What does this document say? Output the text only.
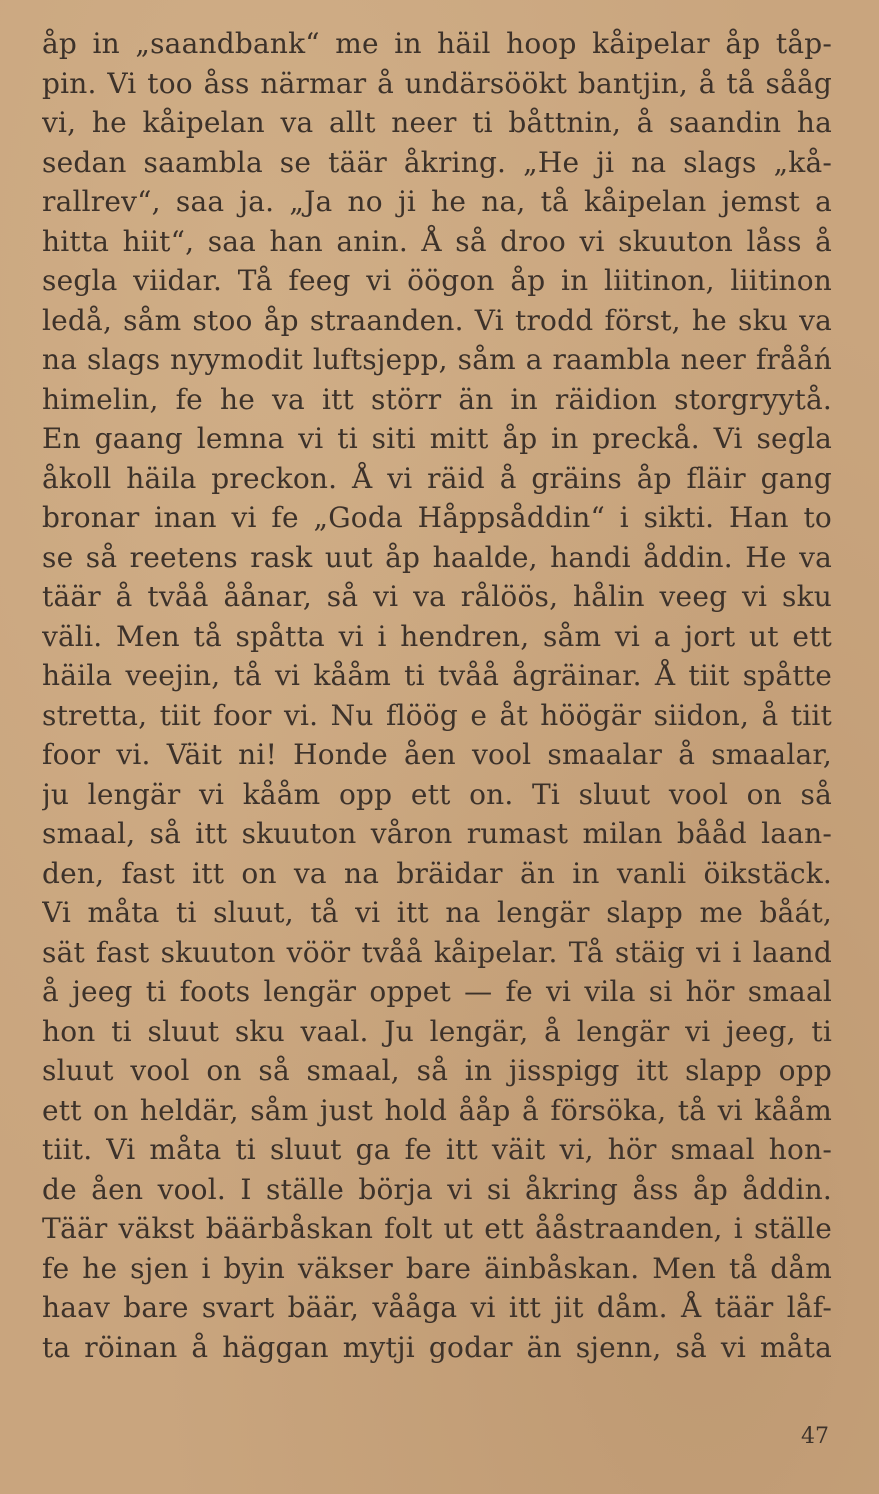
åp in „saandbank“ me in häil hoop kåipelar åp tåp-
pin. Vi too åss närmar å undärsöökt bantjin, å tå sååg
vi, he kåipelan va allt neer ti båttnin, å saandin ha
sedan saambla se täär åkring. „He ji na slags „kå-
rallrev“, saa ja. „Ja no ji he na, tå kåipelan jemst a
hitta hiit“, saa han anin. Å så droo vi skuuton låss å
segla viidar. Tå feeg vi öögon åp in liitinon, liitinon
ledå, såm stoo åp straanden. Vi trodd först, he sku va
na slags nyymodit luftsjepp, såm a raambla neer frååń
himelin, fe he va itt störr än in räidion storgryytå.
En gaang lemna vi ti siti mitt åp in preckå. Vi segla
åkoll häila preckon. Å vi räid å gräins åp fläir gang
bronar inan vi fe „Goda Håppsåddin“ i sikti. Han to
se så reetens rask uut åp haalde, handi åddin. He va
täär å tvåå åånar, så vi va rålöös, hålin veeg vi sku
väli. Men tå spåtta vi i hendren, såm vi a jort ut ett
häila veejin, tå vi kååm ti tvåå ågräinar. Å tiit spåtte
stretta, tiit foor vi. Nu flöög e åt höögär siidon, å tiit
foor vi. Väit ni! Honde åen vool smaalar å smaalar,
ju lengär vi kååm opp ett on. Ti sluut vool on så
smaal, så itt skuuton våron rumast milan bååd laan-
den, fast itt on va na bräidar än in vanli öikstäck.
Vi måta ti sluut, tå vi itt na lengär slapp me båát,
sät fast skuuton vöör tvåå kåipelar. Tå stäig vi i laand
å jeeg ti foots lengär oppet — fe vi vila si hör smaal
hon ti sluut sku vaal. Ju lengär, å lengär vi jeeg, ti
sluut vool on så smaal, så in jisspigg itt slapp opp
ett on heldär, såm just hold ååp å försöka, tå vi kååm
tiit. Vi måta ti sluut ga fe itt väit vi, hör smaal hon-
de åen vool. I ställe börja vi si åkring åss åp åddin.
Täär väkst bäärbåskan folt ut ett ååstraanden, i ställe
fe he sjen i byin väkser bare äinbåskan. Men tå dåm
haav bare svart bäär, vååga vi itt jit dåm. Å täär låf-
ta röinan å häggan mytji godar än sjenn, så vi måta
47
